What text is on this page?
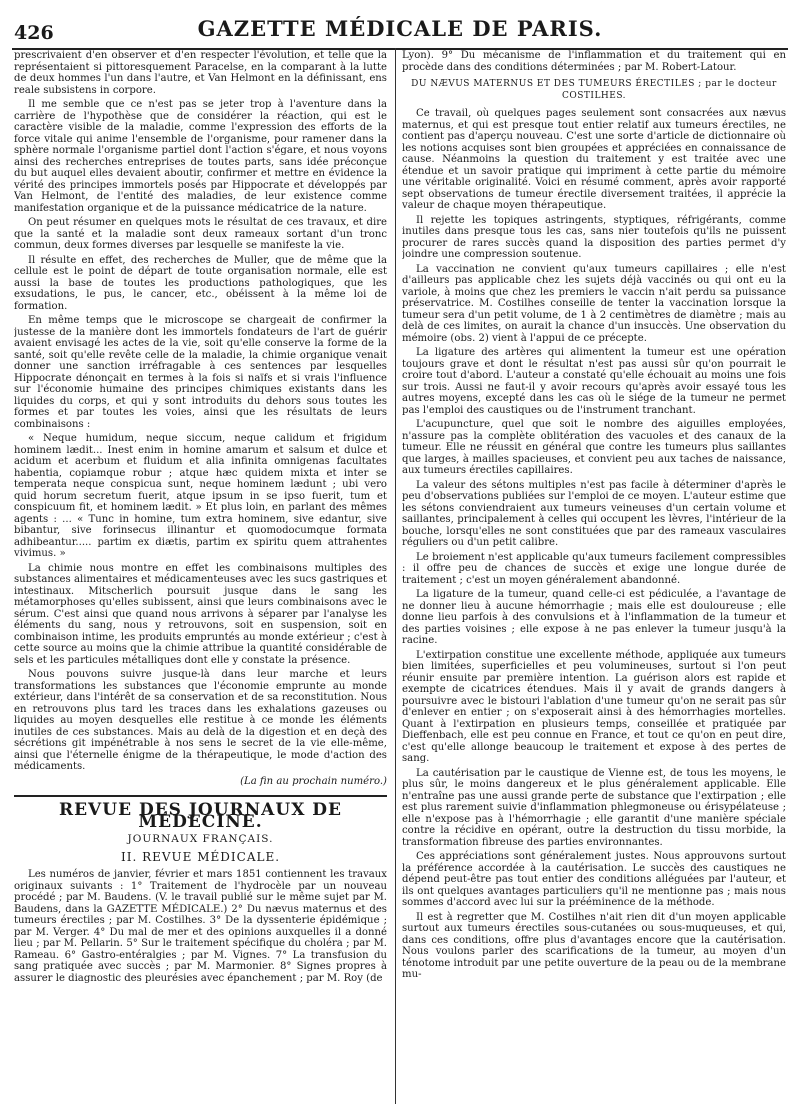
426	GAZETTE MÉDICALE DE PARIS.

prescrivaient d'en observer et d'en respecter l'évolution, et telle que la représentaient si pittoresquement Paracelse, en la comparant à la lutte de deux hommes l'un dans l'autre, et Van Helmont en la définissant, ens reale subsistens in corpore.

Il me semble que ce n'est pas se jeter trop à l'aventure dans la carrière de l'hypothèse que de considérer la réaction, qui est le caractère visible de la maladie, comme l'expression des efforts de la force vitale qui anime l'ensemble de l'organisme, pour ramener dans la sphère normale l'organisme partiel dont l'action s'égare, et nous voyons ainsi des recherches entreprises de toutes parts, sans idée préconçue du but auquel elles devaient aboutir, confirmer et mettre en évidence la vérité des principes immortels posés par Hippocrate et développés par Van Helmont, de l'entité des maladies, de leur existence comme manifestation organique et de la puissance médicatrice de la nature.

On peut résumer en quelques mots le résultat de ces travaux, et dire que la santé et la maladie sont deux rameaux sortant d'un tronc commun, deux formes diverses par lesquelle se manifeste la vie.

Il résulte en effet, des recherches de Muller, que de même que la cellule est le point de départ de toute organisation normale, elle est aussi la base de toutes les productions pathologiques, que les exsudations, le pus, le cancer, etc., obéissent à la même loi de formation.

En même temps que le microscope se chargeait de confirmer la justesse de la manière dont les immortels fondateurs de l'art de guérir avaient envisagé les actes de la vie, soit qu'elle conserve la forme de la santé, soit qu'elle revête celle de la maladie, la chimie organique venait donner une sanction irréfragable à ces sentences par lesquelles Hippocrate dénonçait en termes à la fois si naïfs et si vrais l'influence sur l'économie humaine des principes chimiques existants dans les liquides du corps, et qui y sont introduits du dehors sous toutes les formes et par toutes les voies, ainsi que les résultats de leurs combinaisons :

« Neque humidum, neque siccum, neque calidum et frigidum hominem lædit... Inest enim in homine amarum et salsum et dulce et acidum et acerbum et fluidum et alia infinita omnigenas facultates habentia, copiamque robur ; atque hæc quidem mixta et inter se temperata neque conspicua sunt, neque hominem lædunt ; ubi vero quid horum secretum fuerit, atque ipsum in se ipso fuerit, tum et conspicuum fit, et hominem lædit. » Et plus loin, en parlant des mêmes agents : ... « Tunc in homine, tum extra hominem, sive edantur, sive bibantur, sive forinsecus illinantur et quomodocumque formata adhibeantur..... partim ex diætis, partim ex spiritu quem attrahentes vivimus. »

La chimie nous montre en effet les combinaisons multiples des substances alimentaires et médicamenteuses avec les sucs gastriques et intestinaux. Mitscherlich poursuit jusque dans le sang les métamorphoses qu'elles subissent, ainsi que leurs combinaisons avec le sérum. C'est ainsi que quand nous arrivons à séparer par l'analyse les éléments du sang, nous y retrouvons, soit en suspension, soit en combinaison intime, les produits empruntés au monde extérieur ; c'est à cette source au moins que la chimie attribue la quantité considérable de sels et les particules métalliques dont elle y constate la présence.

Nous pouvons suivre jusque-là dans leur marche et leurs transformations les substances que l'économie emprunte au monde extérieur, dans l'intérêt de sa conservation et de sa reconstitution. Nous en retrouvons plus tard les traces dans les exhalations gazeuses ou liquides au moyen desquelles elle restitue à ce monde les éléments inutiles de ces substances. Mais au delà de la digestion et en deçà des sécrétions git impénétrable à nos sens le secret de la vie elle-même, ainsi que l'éternelle énigme de la thérapeutique, le mode d'action des médicaments.

(La fin au prochain numéro.)

REVUE DES JOURNAUX DE MÉDECINE.
JOURNAUX FRANÇAIS.
II. REVUE MÉDICALE.

Les numéros de janvier, février et mars 1851 contiennent les travaux originaux suivants : 1° Traitement de l'hydrocèle par un nouveau procédé ; par M. Baudens. (V. le travail publié sur le même sujet par M. Baudens, dans la GAZETTE MÉDICALE.) 2° Du nævus maternus et des tumeurs érectiles ; par M. Costilhes. 3° De la dyssenterie épidémique ; par M. Verger. 4° Du mal de mer et des opinions auxquelles il a donné lieu ; par M. Pellarin. 5° Sur le traitement spécifique du choléra ; par M. Rameau. 6° Gastro-entéralgies ; par M. Vignes. 7° La transfusion du sang pratiquée avec succès ; par M. Marmonier. 8° Signes propres à assurer le diagnostic des pleurésies avec épanchement ; par M. Roy (de

Lyon). 9° Du mécanisme de l'inflammation et du traitement qui en procède dans des conditions déterminées ; par M. Robert-Latour.

DU NÆVUS MATERNUS ET DES TUMEURS ÉRECTILES ; par le docteur COSTILHES.

Ce travail, où quelques pages seulement sont consacrées aux nævus maternus, et qui est presque tout entier relatif aux tumeurs érectiles, ne contient pas d'aperçu nouveau. C'est une sorte d'article de dictionnaire où les notions acquises sont bien groupées et appréciées en connaissance de cause. Néanmoins la question du traitement y est traitée avec une étendue et un savoir pratique qui impriment à cette partie du mémoire une véritable originalité. Voici en résumé comment, après avoir rapporté sept observations de tumeur érectile diversement traitées, il apprécie la valeur de chaque moyen thérapeutique.

Il rejette les topiques astringents, styptiques, réfrigérants, comme inutiles dans presque tous les cas, sans nier toutefois qu'ils ne puissent procurer de rares succès quand la disposition des parties permet d'y joindre une compression soutenue.

La vaccination ne convient qu'aux tumeurs capillaires ; elle n'est d'ailleurs pas applicable chez les sujets déjà vaccinés ou qui ont eu la variole, à moins que chez les premiers le vaccin n'ait perdu sa puissance préservatrice. M. Costilhes conseille de tenter la vaccination lorsque la tumeur sera d'un petit volume, de 1 à 2 centimètres de diamètre ; mais au delà de ces limites, on aurait la chance d'un insuccès. Une observation du mémoire (obs. 2) vient à l'appui de ce précepte.

La ligature des artères qui alimentent la tumeur est une opération toujours grave et dont le résultat n'est pas aussi sûr qu'on pourrait le croire tout d'abord. L'auteur a constaté qu'elle échouait au moins une fois sur trois. Aussi ne faut-il y avoir recours qu'après avoir essayé tous les autres moyens, excepté dans les cas où le siége de la tumeur ne permet pas l'emploi des caustiques ou de l'instrument tranchant.

L'acupuncture, quel que soit le nombre des aiguilles employées, n'assure pas la complète oblitération des vacuoles et des canaux de la tumeur. Elle ne réussit en général que contre les tumeurs plus saillantes que larges, à mailles spacieuses, et convient peu aux taches de naissance, aux tumeurs érectiles capillaires.

La valeur des sétons multiples n'est pas facile à déterminer d'après le peu d'observations publiées sur l'emploi de ce moyen. L'auteur estime que les sétons conviendraient aux tumeurs veineuses d'un certain volume et saillantes, principalement à celles qui occupent les lèvres, l'intérieur de la bouche, lorsqu'elles ne sont constituées que par des rameaux vasculaires réguliers ou d'un petit calibre.

Le broiement n'est applicable qu'aux tumeurs facilement compressibles : il offre peu de chances de succès et exige une longue durée de traitement ; c'est un moyen généralement abandonné.

La ligature de la tumeur, quand celle-ci est pédiculée, a l'avantage de ne donner lieu à aucune hémorrhagie ; mais elle est douloureuse ; elle donne lieu parfois à des convulsions et à l'inflammation de la tumeur et des parties voisines ; elle expose à ne pas enlever la tumeur jusqu'à la racine.

L'extirpation constitue une excellente méthode, appliquée aux tumeurs bien limitées, superficielles et peu volumineuses, surtout si l'on peut réunir ensuite par première intention. La guérison alors est rapide et exempte de cicatrices étendues. Mais il y avait de grands dangers à poursuivre avec le bistouri l'ablation d'une tumeur qu'on ne serait pas sûr d'enlever en entier ; on s'exposerait ainsi à des hémorrhagies mortelles. Quant à l'extirpation en plusieurs temps, conseillée et pratiquée par Dieffenbach, elle est peu connue en France, et tout ce qu'on en peut dire, c'est qu'elle allonge beaucoup le traitement et expose à des pertes de sang.

La cautérisation par le caustique de Vienne est, de tous les moyens, le plus sûr, le moins dangereux et le plus généralement applicable. Elle n'entraîne pas une aussi grande perte de substance que l'extirpation ; elle est plus rarement suivie d'inflammation phlegmoneuse ou érisypélateuse ; elle n'expose pas à l'hémorrhagie ; elle garantit d'une manière spéciale contre la récidive en opérant, outre la destruction du tissu morbide, la transformation fibreuse des parties environnantes.

Ces appréciations sont généralement justes. Nous approuvons surtout la préférence accordée à la cautérisation. Le succès des caustiques ne dépend peut-être pas tout entier des conditions alléguées par l'auteur, et ils ont quelques avantages particuliers qu'il ne mentionne pas ; mais nous sommes d'accord avec lui sur la prééminence de la méthode.

Il est à regretter que M. Costilhes n'ait rien dit d'un moyen applicable surtout aux tumeurs érectiles sous-cutanées ou sous-muqueuses, et qui, dans ces conditions, offre plus d'avantages encore que la cautérisation. Nous voulons parler des scarifications de la tumeur, au moyen d'un ténotome introduit par une petite ouverture de la peau ou de la membrane mu-
